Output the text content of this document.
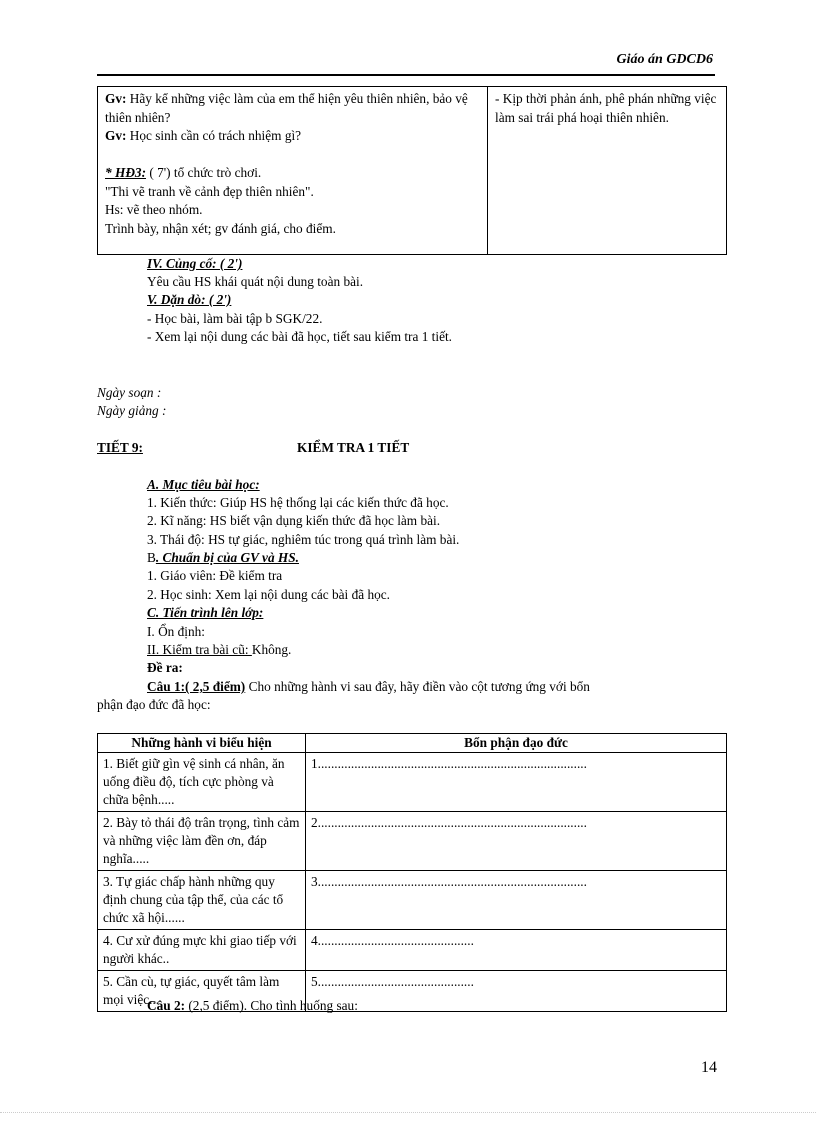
Giáo án GDCD6
Gv: Hãy kể những việc làm của em thể hiện yêu thiên nhiên, bảo vệ thiên nhiên?
Gv: Học sinh cần có trách nhiệm gì?
* HĐ3: ( 7') tổ chức trò chơi.
"Thi vẽ tranh về cảnh đẹp thiên nhiên".
Hs: vẽ theo nhóm.
Trình bày, nhận xét; gv đánh giá, cho điểm.
	- Kịp thời phản ánh, phê phán những việc làm sai trái phá hoại thiên nhiên.
IV. Củng cố: ( 2')
Yêu cầu HS khái quát nội dung toàn bài.
V. Dặn dò: ( 2')
- Học bài, làm bài tập b SGK/22.
- Xem lại nội dung các bài đã học, tiết sau kiểm tra 1 tiết.
Ngày soạn :
Ngày giảng :
TIẾT 9:	KIỂM TRA 1 TIẾT
A. Mục tiêu bài học:
1. Kiến thức: Giúp HS hệ thống lại các kiến thức đã học.
2. Kĩ năng: HS biết vận dụng kiến thức đã học làm bài.
3. Thái độ: HS tự giác, nghiêm túc trong quá trình làm bài.
B. Chuẩn bị của GV và HS.
1. Giáo viên: Đề kiểm tra
2. Học sinh: Xem lại nội dung các bài đã học.
C. Tiến trình lên lớp:
I. Ổn định:
II. Kiểm tra bài cũ: Không.
Đề ra:
Câu 1:( 2,5 điểm) Cho những hành vi sau đây, hãy điền vào cột tương ứng với bổn
phận đạo đức đã học:
Những hành vi biểu hiện	Bổn phận đạo đức
1. Biết giữ gìn vệ sinh cá nhân, ăn uống điều độ, tích cực phòng và chữa bệnh.....	1.................................................................................
2. Bày tỏ thái độ trân trọng, tình cảm và những việc làm đền ơn, đáp nghĩa.....	2.................................................................................
3. Tự giác chấp hành những quy định chung của tập thể, của các tổ chức xã hội......	3.................................................................................
4. Cư xử đúng mực khi giao tiếp với người khác..	4...............................................
5. Cần cù, tự giác, quyết tâm làm mọi việc...	5...............................................
Câu 2: (2,5 điểm). Cho tình huống sau:
14
